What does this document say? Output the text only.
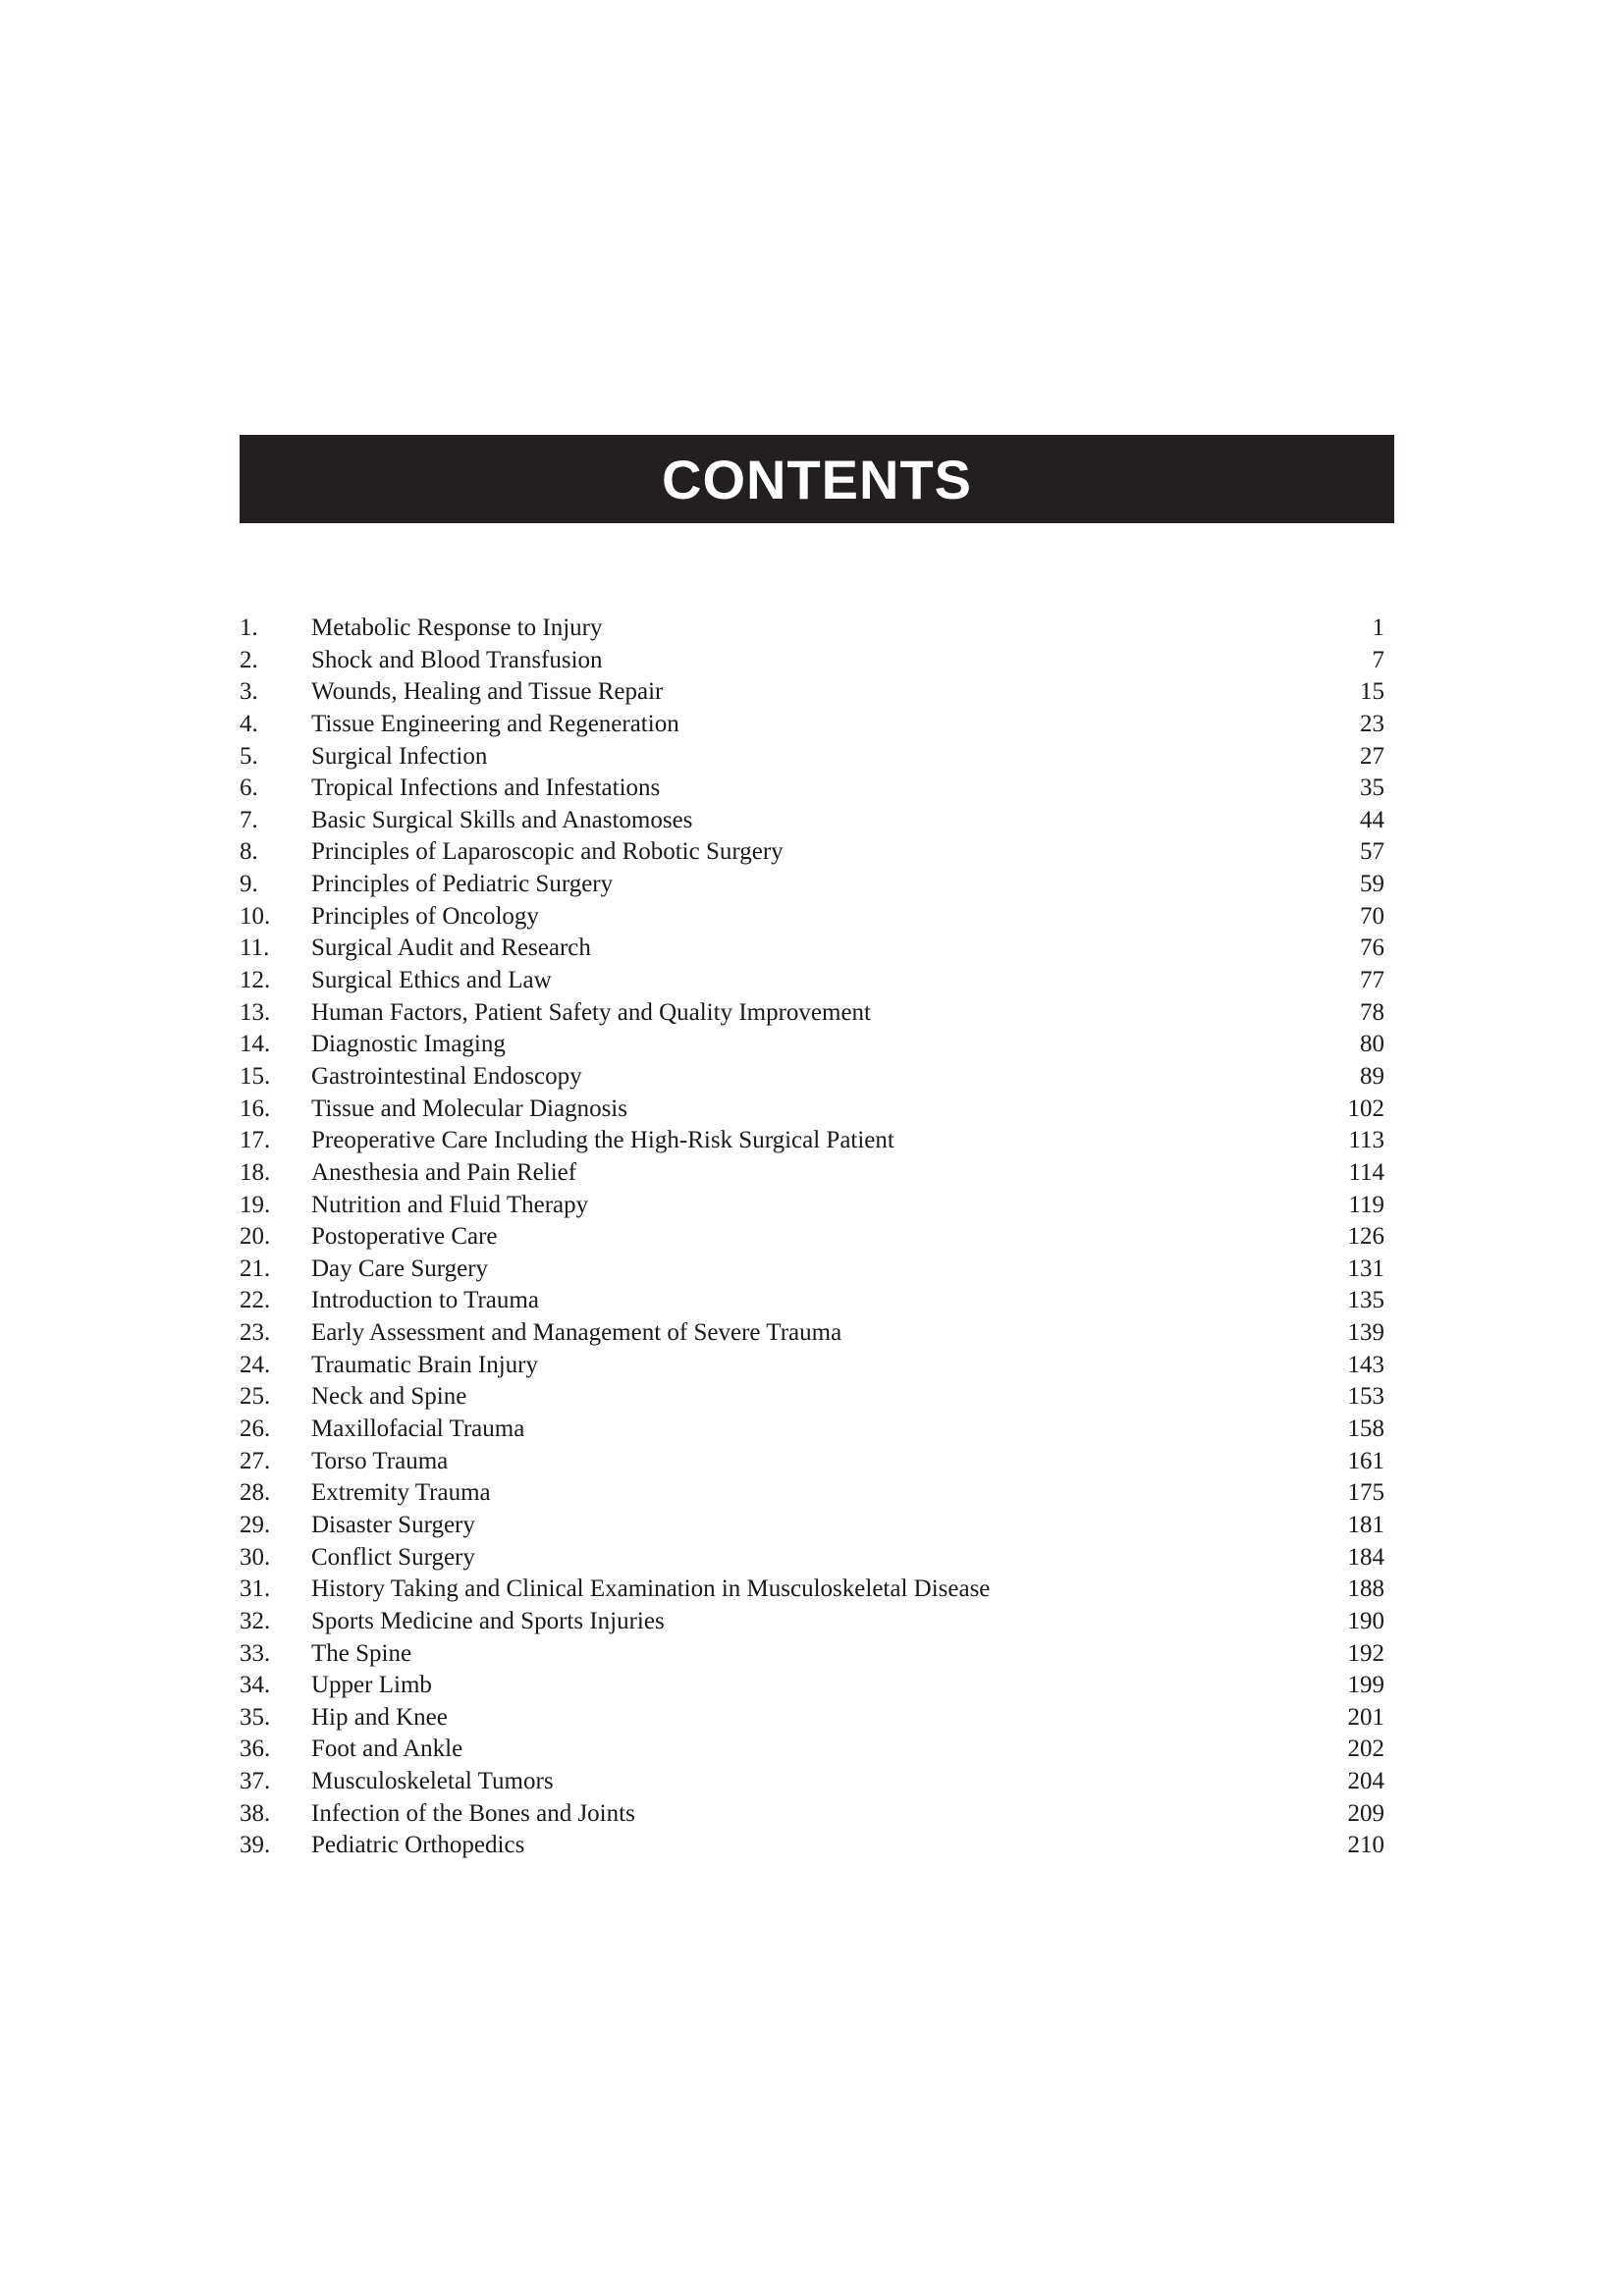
CONTENTS
1. Metabolic Response to Injury	1
2. Shock and Blood Transfusion	7
3. Wounds, Healing and Tissue Repair	15
4. Tissue Engineering and Regeneration	23
5. Surgical Infection	27
6. Tropical Infections and Infestations	35
7. Basic Surgical Skills and Anastomoses	44
8. Principles of Laparoscopic and Robotic Surgery	57
9. Principles of Pediatric Surgery	59
10. Principles of Oncology	70
11. Surgical Audit and Research	76
12. Surgical Ethics and Law	77
13. Human Factors, Patient Safety and Quality Improvement	78
14. Diagnostic Imaging	80
15. Gastrointestinal Endoscopy	89
16. Tissue and Molecular Diagnosis	102
17. Preoperative Care Including the High-Risk Surgical Patient	113
18. Anesthesia and Pain Relief	114
19. Nutrition and Fluid Therapy	119
20. Postoperative Care	126
21. Day Care Surgery	131
22. Introduction to Trauma	135
23. Early Assessment and Management of Severe Trauma	139
24. Traumatic Brain Injury	143
25. Neck and Spine	153
26. Maxillofacial Trauma	158
27. Torso Trauma	161
28. Extremity Trauma	175
29. Disaster Surgery	181
30. Conflict Surgery	184
31. History Taking and Clinical Examination in Musculoskeletal Disease	188
32. Sports Medicine and Sports Injuries	190
33. The Spine	192
34. Upper Limb	199
35. Hip and Knee	201
36. Foot and Ankle	202
37. Musculoskeletal Tumors	204
38. Infection of the Bones and Joints	209
39. Pediatric Orthopedics	210
